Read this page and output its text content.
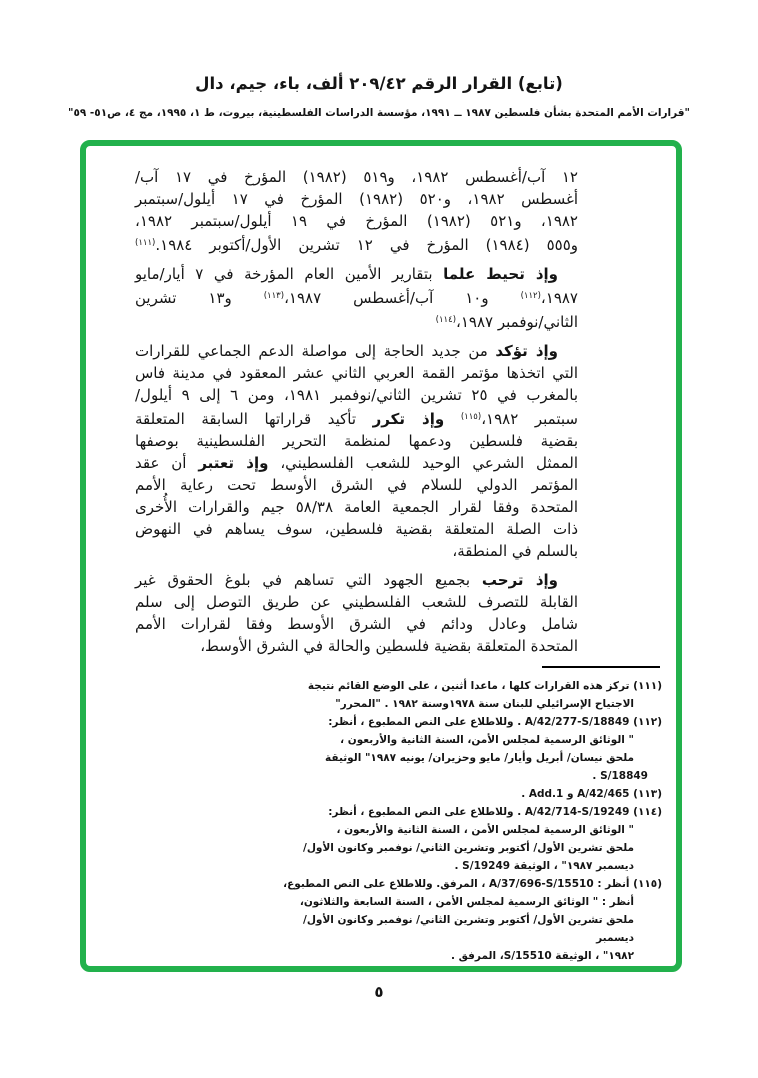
(تابع) القرار الرقم ٢٠٩/٤٢ ألف، باء، جيم، دال
"قرارات الأمم المتحدة بشأن فلسطين ١٩٨٧ ــ ١٩٩١، مؤسسة الدراسات الفلسطينية، بيروت، ط ١، ١٩٩٥، مج ٤، ص٥١- ٥٩"
١٢ آب/أغسطس ١٩٨٢، و٥١٩ (١٩٨٢) المؤرخ في ١٧ آب/
أغسطس ١٩٨٢، و٥٢٠ (١٩٨٢) المؤرخ في ١٧ أيلول/سبتمبر
١٩٨٢، و٥٢١ (١٩٨٢) المؤرخ في ١٩ أيلول/سبتمبر ١٩٨٢،
و٥٥٥ (١٩٨٤) المؤرخ في ١٢ تشرين الأول/أكتوبر ١٩٨٤.$^{(١١١)}$
وإذ تحيط علما بتقارير الأمين العام المؤرخة في ٧ أيار/مايو
١٩٨٧،$^{(١١٢)}$ و١٠ آب/أغسطس ١٩٨٧،$^{(١١٣)}$ و١٣ تشرين
الثاني/نوفمبر ١٩٨٧،$^{(١١٤)}$
وإذ تؤكد من جديد الحاجة إلى مواصلة الدعم الجماعي للقرارات
التي اتخذها مؤتمر القمة العربي الثاني عشر المعقود في مدينة فاس
بالمغرب في ٢٥ تشرين الثاني/نوفمبر ١٩٨١، ومن ٦ إلى ٩ أيلول/
سبتمبر ١٩٨٢،$^{(١١٥)}$ وإذ تكرر تأكيد قراراتها السابقة المتعلقة
بقضية فلسطين ودعمها لمنظمة التحرير الفلسطينية بوصفها
الممثل الشرعي الوحيد للشعب الفلسطيني، وإذ تعتبر أن عقد
المؤتمر الدولي للسلام في الشرق الأوسط تحت رعاية الأمم
المتحدة وفقا لقرار الجمعية العامة ٥٨/٣٨ جيم والقرارات الأُخرى
ذات الصلة المتعلقة بقضية فلسطين، سوف يساهم في النهوض
بالسلم في المنطقة،
وإذ ترحب بجميع الجهود التي تساهم في بلوغ الحقوق غير
القابلة للتصرف للشعب الفلسطيني عن طريق التوصل إلى سلم
شامل وعادل ودائم في الشرق الأوسط وفقا لقرارات الأمم
المتحدة المتعلقة بقضية فلسطين والحالة في الشرق الأوسط،
(١١١) تركز هذه القرارات كلها ، ماعدا أثنين ، على الوضع القائم نتيجة
الاجتياح الإسرائيلي للبنان سنة ١٩٧٨وسنة ١٩٨٢ . "المحرر"
(١١٢) A/42/277-S/18849 . وللاطلاع على النص المطبوع ، أنظر:
" الوثائق الرسمية لمجلس الأمن، السنة الثانية والأربعون ،
ملحق نيسان/ أبريل وأيار/ مايو وحزيران/ يونيه ١٩٨٧" الوثيقة
S/18849 .
(١١٣) A/42/465 و Add.1 .
(١١٤) A/42/714-S/19249 . وللاطلاع على النص المطبوع ، أنظر:
" الوثائق الرسمية لمجلس الأمن ، السنة الثانية والأربعون ،
ملحق تشرين الأول/ أكتوبر وتشرين الثاني/ نوفمبر وكانون الأول/
ديسمبر ١٩٨٧" ، الوثيقة S/19249 .
(١١٥) أنظر : A/37/696-S/15510 ، المرفق. وللاطلاع على النص المطبوع،
أنظر : " الوثائق الرسمية لمجلس الأمن ، السنة السابعة والثلاثون،
ملحق تشرين الأول/ أكتوبر وتشرين الثاني/ نوفمبر وكانون الأول/ ديسمبر
١٩٨٢" ، الوثيقة S/15510، المرفق .
٥
